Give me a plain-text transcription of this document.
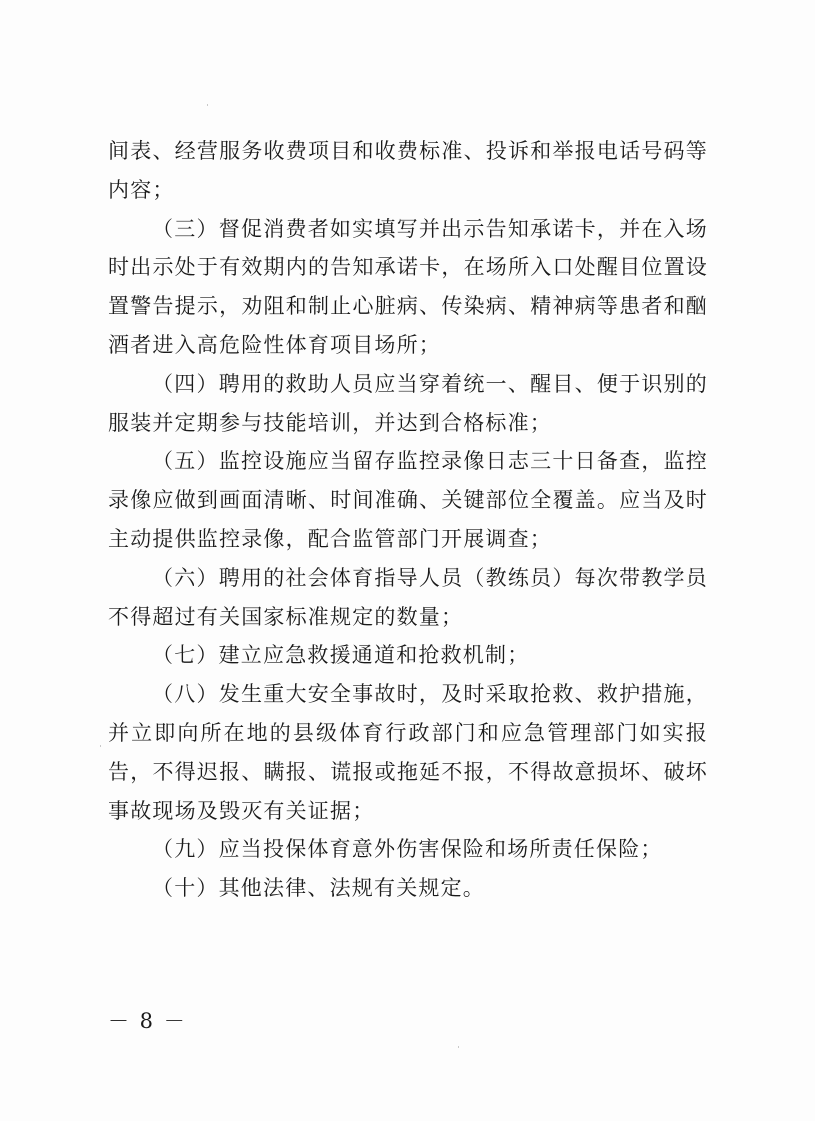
间表、经营服务收费项目和收费标准、投诉和举报电话号码等内容；

（三）督促消费者如实填写并出示告知承诺卡，并在入场时出示处于有效期内的告知承诺卡，在场所入口处醒目位置设置警告提示，劝阻和制止心脏病、传染病、精神病等患者和酗酒者进入高危险性体育项目场所；

（四）聘用的救助人员应当穿着统一、醒目、便于识别的服装并定期参与技能培训，并达到合格标准；

（五）监控设施应当留存监控录像日志三十日备查，监控录像应做到画面清晰、时间准确、关键部位全覆盖。应当及时主动提供监控录像，配合监管部门开展调查；

（六）聘用的社会体育指导人员（教练员）每次带教学员不得超过有关国家标准规定的数量；

（七）建立应急救援通道和抢救机制；

（八）发生重大安全事故时，及时采取抢救、救护措施，并立即向所在地的县级体育行政部门和应急管理部门如实报告，不得迟报、瞒报、谎报或拖延不报，不得故意损坏、破坏事故现场及毁灭有关证据；

（九）应当投保体育意外伤害保险和场所责任保险；

（十）其他法律、法规有关规定。

－ 8 －
